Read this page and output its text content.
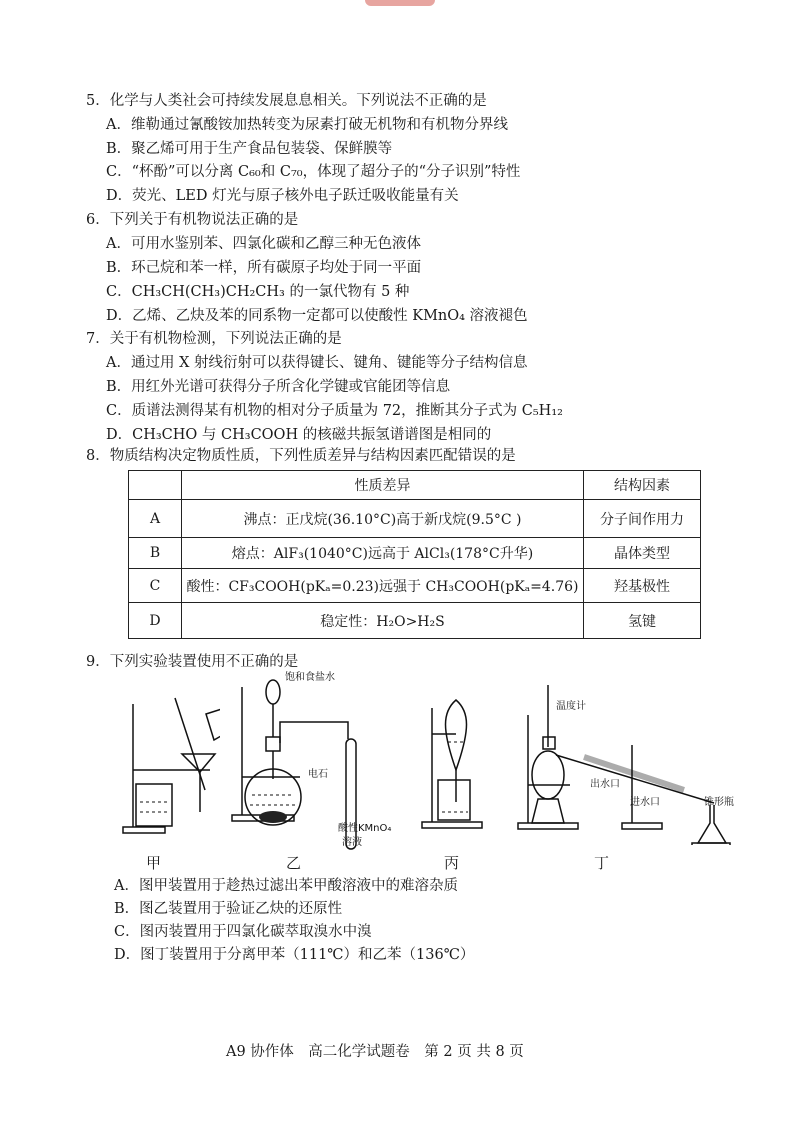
5．化学与人类社会可持续发展息息相关。下列说法不正确的是
A．维勒通过氰酸铵加热转变为尿素打破无机物和有机物分界线
B．聚乙烯可用于生产食品包装袋、保鲜膜等
C．“杯酚”可以分离 C₆₀和 C₇₀，体现了超分子的“分子识别”特性
D．荧光、LED 灯光与原子核外电子跃迁吸收能量有关
6．下列关于有机物说法正确的是
A．可用水鉴别苯、四氯化碳和乙醇三种无色液体
B．环己烷和苯一样，所有碳原子均处于同一平面
C．CH₃CH(CH₃)CH₂CH₃ 的一氯代物有 5 种
D．乙烯、乙炔及苯的同系物一定都可以使酸性 KMnO₄ 溶液褪色
7．关于有机物检测，下列说法正确的是
A．通过用 X 射线衍射可以获得键长、键角、键能等分子结构信息
B．用红外光谱可获得分子所含化学键或官能团等信息
C．质谱法测得某有机物的相对分子质量为 72，推断其分子式为 C₅H₁₂
D．CH₃CHO 与 CH₃COOH 的核磁共振氢谱谱图是相同的
8．物质结构决定物质性质，下列性质差异与结构因素匹配错误的是
	性质差异	结构因素
A	沸点：正戊烷(36.10°C)高于新戊烷(9.5°C )	分子间作用力
B	熔点：AlF₃(1040°C)远高于 AlCl₃(178°C升华)	晶体类型
C	酸性：CF₃COOH(pKₐ=0.23)远强于 CH₃COOH(pKₐ=4.76)	羟基极性
D	稳定性：H₂O>H₂S	氢键
9．下列实验装置使用不正确的是
饱和食盐水
电石
酸性KMnO₄
溶液
温度计
出水口
进水口	锥形瓶
甲	乙	丙	丁
A．图甲装置用于趁热过滤出苯甲酸溶液中的难溶杂质
B．图乙装置用于验证乙炔的还原性
C．图丙装置用于四氯化碳萃取溴水中溴
D．图丁装置用于分离甲苯（111℃）和乙苯（136℃）
A9 协作体　高二化学试题卷　第 2 页 共 8 页
